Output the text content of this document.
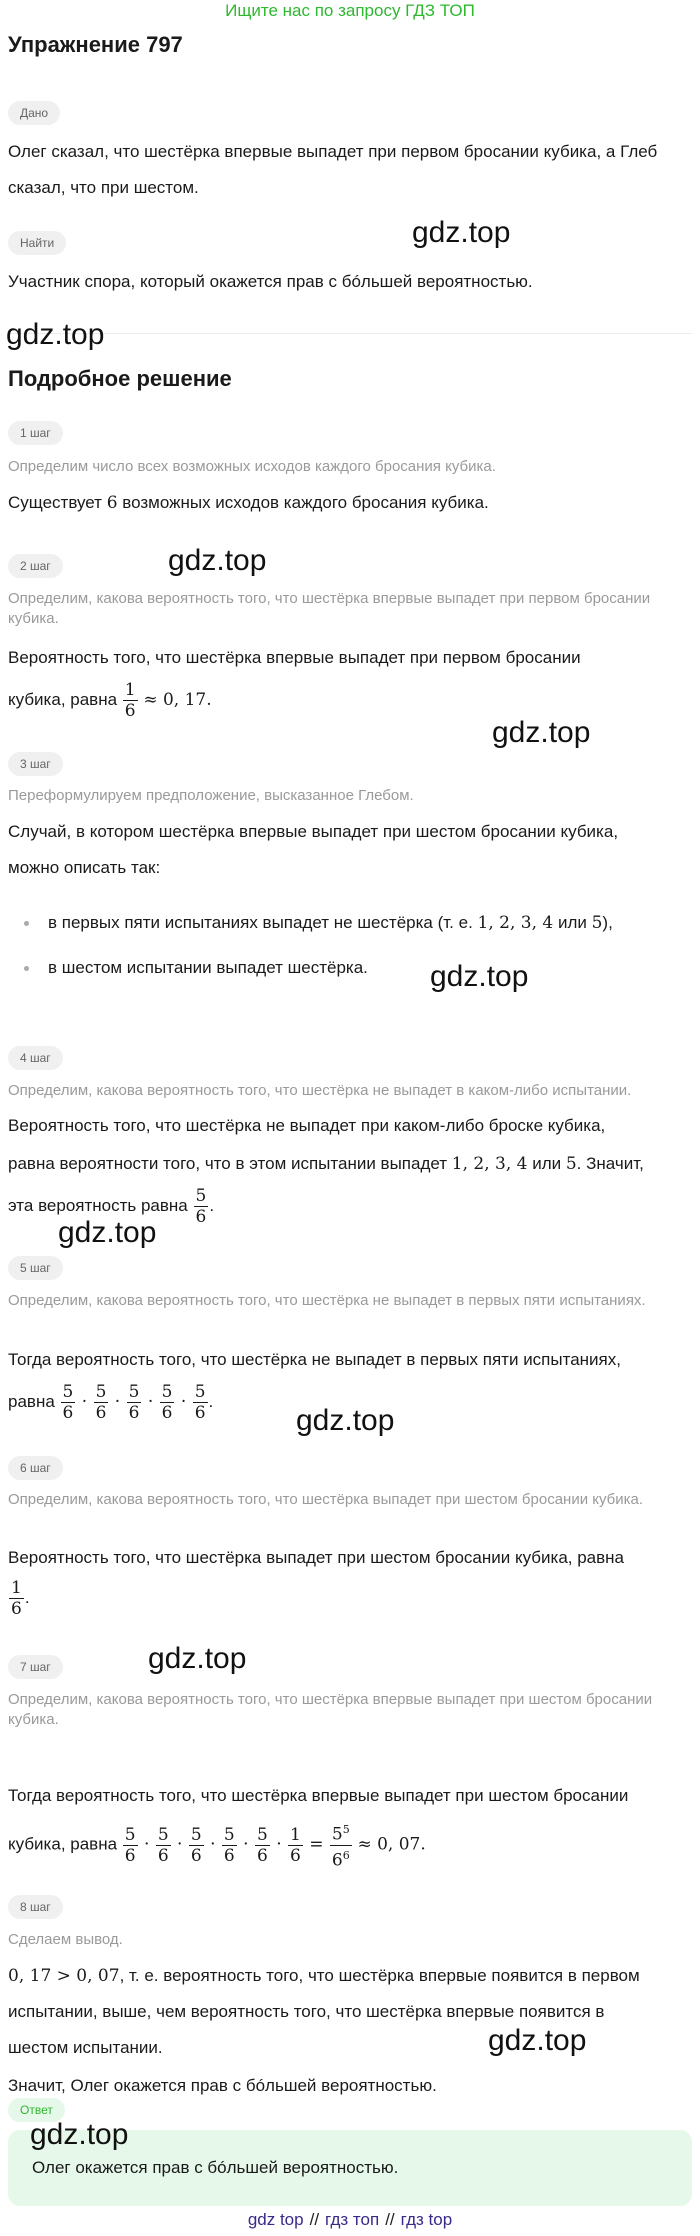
Ищите нас по запросу ГДЗ ТОП
Упражнение 797
Дано
Олег сказал, что шестёрка впервые выпадет при первом бросании кубика, а Глеб сказал, что при шестом.
Найти
Участник спора, который окажется прав с бóльшей вероятностью.
Подробное решение
1 шаг
Определим число всех возможных исходов каждого бросания кубика.
Существует 6 возможных исходов каждого бросания кубика.
2 шаг
Определим, какова вероятность того, что шестёрка впервые выпадет при первом бросании кубика.
Вероятность того, что шестёрка впервые выпадет при первом бросании
кубика, равна $\frac{1}{6} \approx 0$, 17.
3 шаг
Переформулируем предположение, высказанное Глебом.
Случай, в котором шестёрка впервые выпадет при шестом бросании кубика,
можно описать так:
в первых пяти испытаниях выпадет не шестёрка (т. е. 1, 2, 3, 4 или 5),
в шестом испытании выпадет шестёрка.
4 шаг
Определим, какова вероятность того, что шестёрка не выпадет в каком-либо испытании.
Вероятность того, что шестёрка не выпадет при каком-либо броске кубика,
равна вероятности того, что в этом испытании выпадет 1, 2, 3, 4 или 5. Значит,
эта вероятность равна $\frac{5}{6}$ .
5 шаг
Определим, какова вероятность того, что шестёрка не выпадет в первых пяти испытаниях.
Тогда вероятность того, что шестёрка не выпадет в первых пяти испытаниях,
равна $\frac{5}{6} \cdot \frac{5}{6} \cdot \frac{5}{6} \cdot \frac{5}{6} \cdot \frac{5}{6}$ .
6 шаг
Определим, какова вероятность того, что шестёрка выпадет при шестом бросании кубика.
Вероятность того, что шестёрка выпадет при шестом бросании кубика, равна
$\frac{1}{6}$ .
7 шаг
Определим, какова вероятность того, что шестёрка впервые выпадет при шестом бросании кубика.
Тогда вероятность того, что шестёрка впервые выпадет при шестом бросании
кубика, равна $\frac{5}{6} \cdot \frac{5}{6} \cdot \frac{5}{6} \cdot \frac{5}{6} \cdot \frac{5}{6} \cdot \frac{1}{6} = \frac{5^5}{6^6} \approx 0$, 07.
8 шаг
Сделаем вывод.
0, 17 > 0, 07, т. е. вероятность того, что шестёрка впервые появится в первом
испытании, выше, чем вероятность того, что шестёрка впервые появится в
шестом испытании.
Значит, Олег окажется прав с бóльшей вероятностью.
Ответ
Олег окажется прав с бóльшей вероятностью.
gdz.top
gdz.top
gdz.top
gdz.top
gdz.top
gdz.top
gdz.top
gdz.top
gdz.top
gdz.top
gdz top // гдз топ // гдз top
